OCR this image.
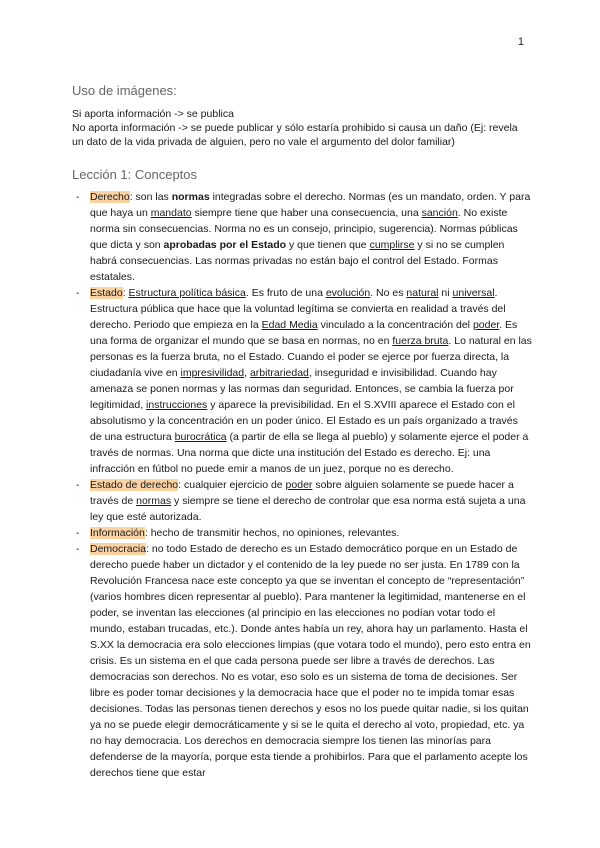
1
Uso de imágenes:

Si aporta información -> se publica

No aporta información -> se puede publicar y sólo estaría prohibido si causa un daño (Ej: revela un dato de la vida privada de alguien, pero no vale el argumento del dolor familiar)

Lección 1: Conceptos
- Derecho: son las normas integradas sobre el derecho. Normas (es un mandato, orden. Y para que haya un mandato siempre tiene que haber una consecuencia, una sanción. No existe norma sin consecuencias. Norma no es un consejo, principio, sugerencia). Normas públicas que dicta y son aprobadas por el Estado y que tienen que cumplirse y si no se cumplen habrá consecuencias. Las normas privadas no están bajo el control del Estado. Formas estatales.
- Estado: Estructura política básica. Es fruto de una evolución. No es natural ni universal. Estructura pública que hace que la voluntad legítima se convierta en realidad a través del derecho. Periodo que empieza en la Edad Media vinculado a la concentración del poder. Es una forma de organizar el mundo que se basa en normas, no en fuerza bruta. Lo natural en las personas es la fuerza bruta, no el Estado. Cuando el poder se ejerce por fuerza directa, la ciudadanía vive en impresivilidad, arbitrariedad, inseguridad e invisibilidad. Cuando hay amenaza se ponen normas y las normas dan seguridad. Entonces, se cambia la fuerza por legitimidad, instrucciones y aparece la previsibilidad. En el S.XVIII aparece el Estado con el absolutismo y la concentración en un poder único. El Estado es un país organizado a través de una estructura burocrática (a partir de ella se llega al pueblo) y solamente ejerce el poder a través de normas. Una norma que dicte una institución del Estado es derecho. Ej: una infracción en fútbol no puede emir a manos de un juez, porque no es derecho.
- Estado de derecho: cualquier ejercicio de poder sobre alguien solamente se puede hacer a través de normas y siempre se tiene el derecho de controlar que esa norma está sujeta a una ley que esté autorizada.
- Información: hecho de transmitir hechos, no opiniones, relevantes.
- Democracia: no todo Estado de derecho es un Estado democrático porque en un Estado de derecho puede haber un dictador y el contenido de la ley puede no ser justa. En 1789 con la Revolución Francesa nace este concepto ya que se inventan el concepto de “representación” (varios hombres dicen representar al pueblo). Para mantener la legitimidad, mantenerse en el poder, se inventan las elecciones (al principio en las elecciones no podían votar todo el mundo, estaban trucadas, etc.). Donde antes había un rey, ahora hay un parlamento. Hasta el S.XX la democracia era solo elecciones limpias (que votara todo el mundo), pero esto entra en crisis. Es un sistema en el que cada persona puede ser libre a través de derechos. Las democracias son derechos. No es votar, eso solo es un sistema de toma de decisiones. Ser libre es poder tomar decisiones y la democracia hace que el poder no te impida tomar esas decisiones. Todas las personas tienen derechos y esos no los puede quitar nadie, si los quitan ya no se puede elegir democráticamente y si se le quita el derecho al voto, propiedad, etc. ya no hay democracia. Los derechos en democracia siempre los tienen las minorías para defenderse de la mayoría, porque esta tiende a prohibirlos. Para que el parlamento acepte los derechos tiene que estar
